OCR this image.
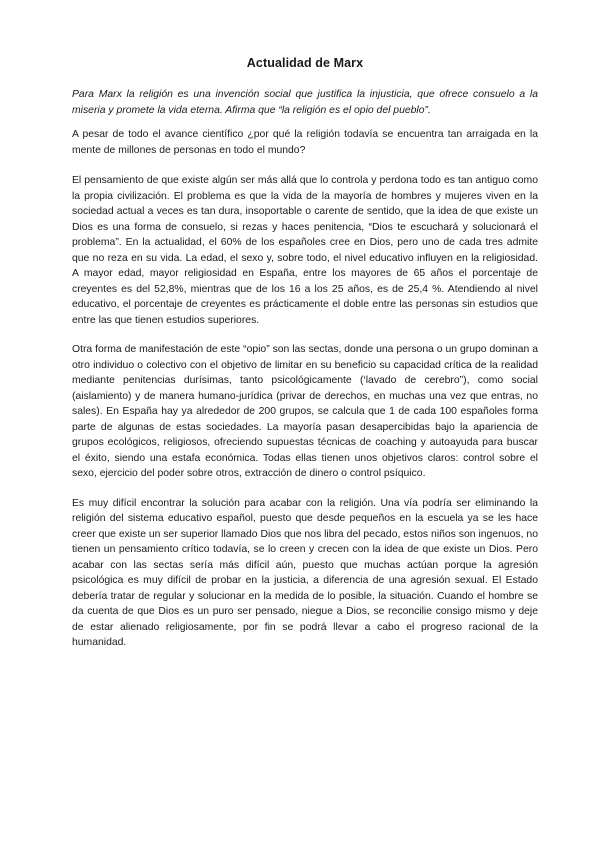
Actualidad de Marx

Para Marx la religión es una invención social que justifica la injusticia, que ofrece consuelo a la miseria y promete la vida eterna. Afirma que “la religión es el opio del pueblo”.

A pesar de todo el avance científico ¿por qué la religión todavía se encuentra tan arraigada en la mente de millones de personas en todo el mundo?

El pensamiento de que existe algún ser más allá que lo controla y perdona todo es tan antiguo como la propia civilización. El problema es que la vida de la mayoría de hombres y mujeres viven en la sociedad actual a veces es tan dura, insoportable o carente de sentido, que la idea de que existe un Dios es una forma de consuelo, si rezas y haces penitencia, “Dios te escuchará y solucionará el problema”. En la actualidad, el 60% de los españoles cree en Dios, pero uno de cada tres admite que no reza en su vida. La edad, el sexo y, sobre todo, el nivel educativo influyen en la religiosidad. A mayor edad, mayor religiosidad en España, entre los mayores de 65 años el porcentaje de creyentes es del 52,8%, mientras que de los 16 a los 25 años, es de 25,4 %. Atendiendo al nivel educativo, el porcentaje de creyentes es prácticamente el doble entre las personas sin estudios que entre las que tienen estudios superiores.

Otra forma de manifestación de este “opio” son las sectas, donde una persona o un grupo dominan a otro individuo o colectivo con el objetivo de limitar en su beneficio su capacidad crítica de la realidad mediante penitencias durísimas, tanto psicológicamente (‘lavado de cerebro”), como social (aislamiento) y de manera humano-jurídica (privar de derechos, en muchas una vez que entras, no sales). En España hay ya alrededor de 200 grupos, se calcula que 1 de cada 100 españoles forma parte de algunas de estas sociedades. La mayoría pasan desapercibidas bajo la apariencia de grupos ecológicos, religiosos, ofreciendo supuestas técnicas de coaching y autoayuda para buscar el éxito, siendo una estafa económica. Todas ellas tienen unos objetivos claros: control sobre el sexo, ejercicio del poder sobre otros, extracción de dinero o control psíquico.

Es muy difícil encontrar la solución para acabar con la religión. Una vía podría ser eliminando la religión del sistema educativo español, puesto que desde pequeños en la escuela ya se les hace creer que existe un ser superior llamado Dios que nos libra del pecado, estos niños son ingenuos, no tienen un pensamiento crítico todavía, se lo creen y crecen con la idea de que existe un Dios. Pero acabar con las sectas sería más difícil aún, puesto que muchas actúan porque la agresión psicológica es muy difícil de probar en la justicia, a diferencia de una agresión sexual. El Estado debería tratar de regular y solucionar en la medida de lo posible, la situación. Cuando el hombre se da cuenta de que Dios es un puro ser pensado, niegue a Dios, se reconcilie consigo mismo y deje de estar alienado religiosamente, por fin se podrá llevar a cabo el progreso racional de la humanidad.
